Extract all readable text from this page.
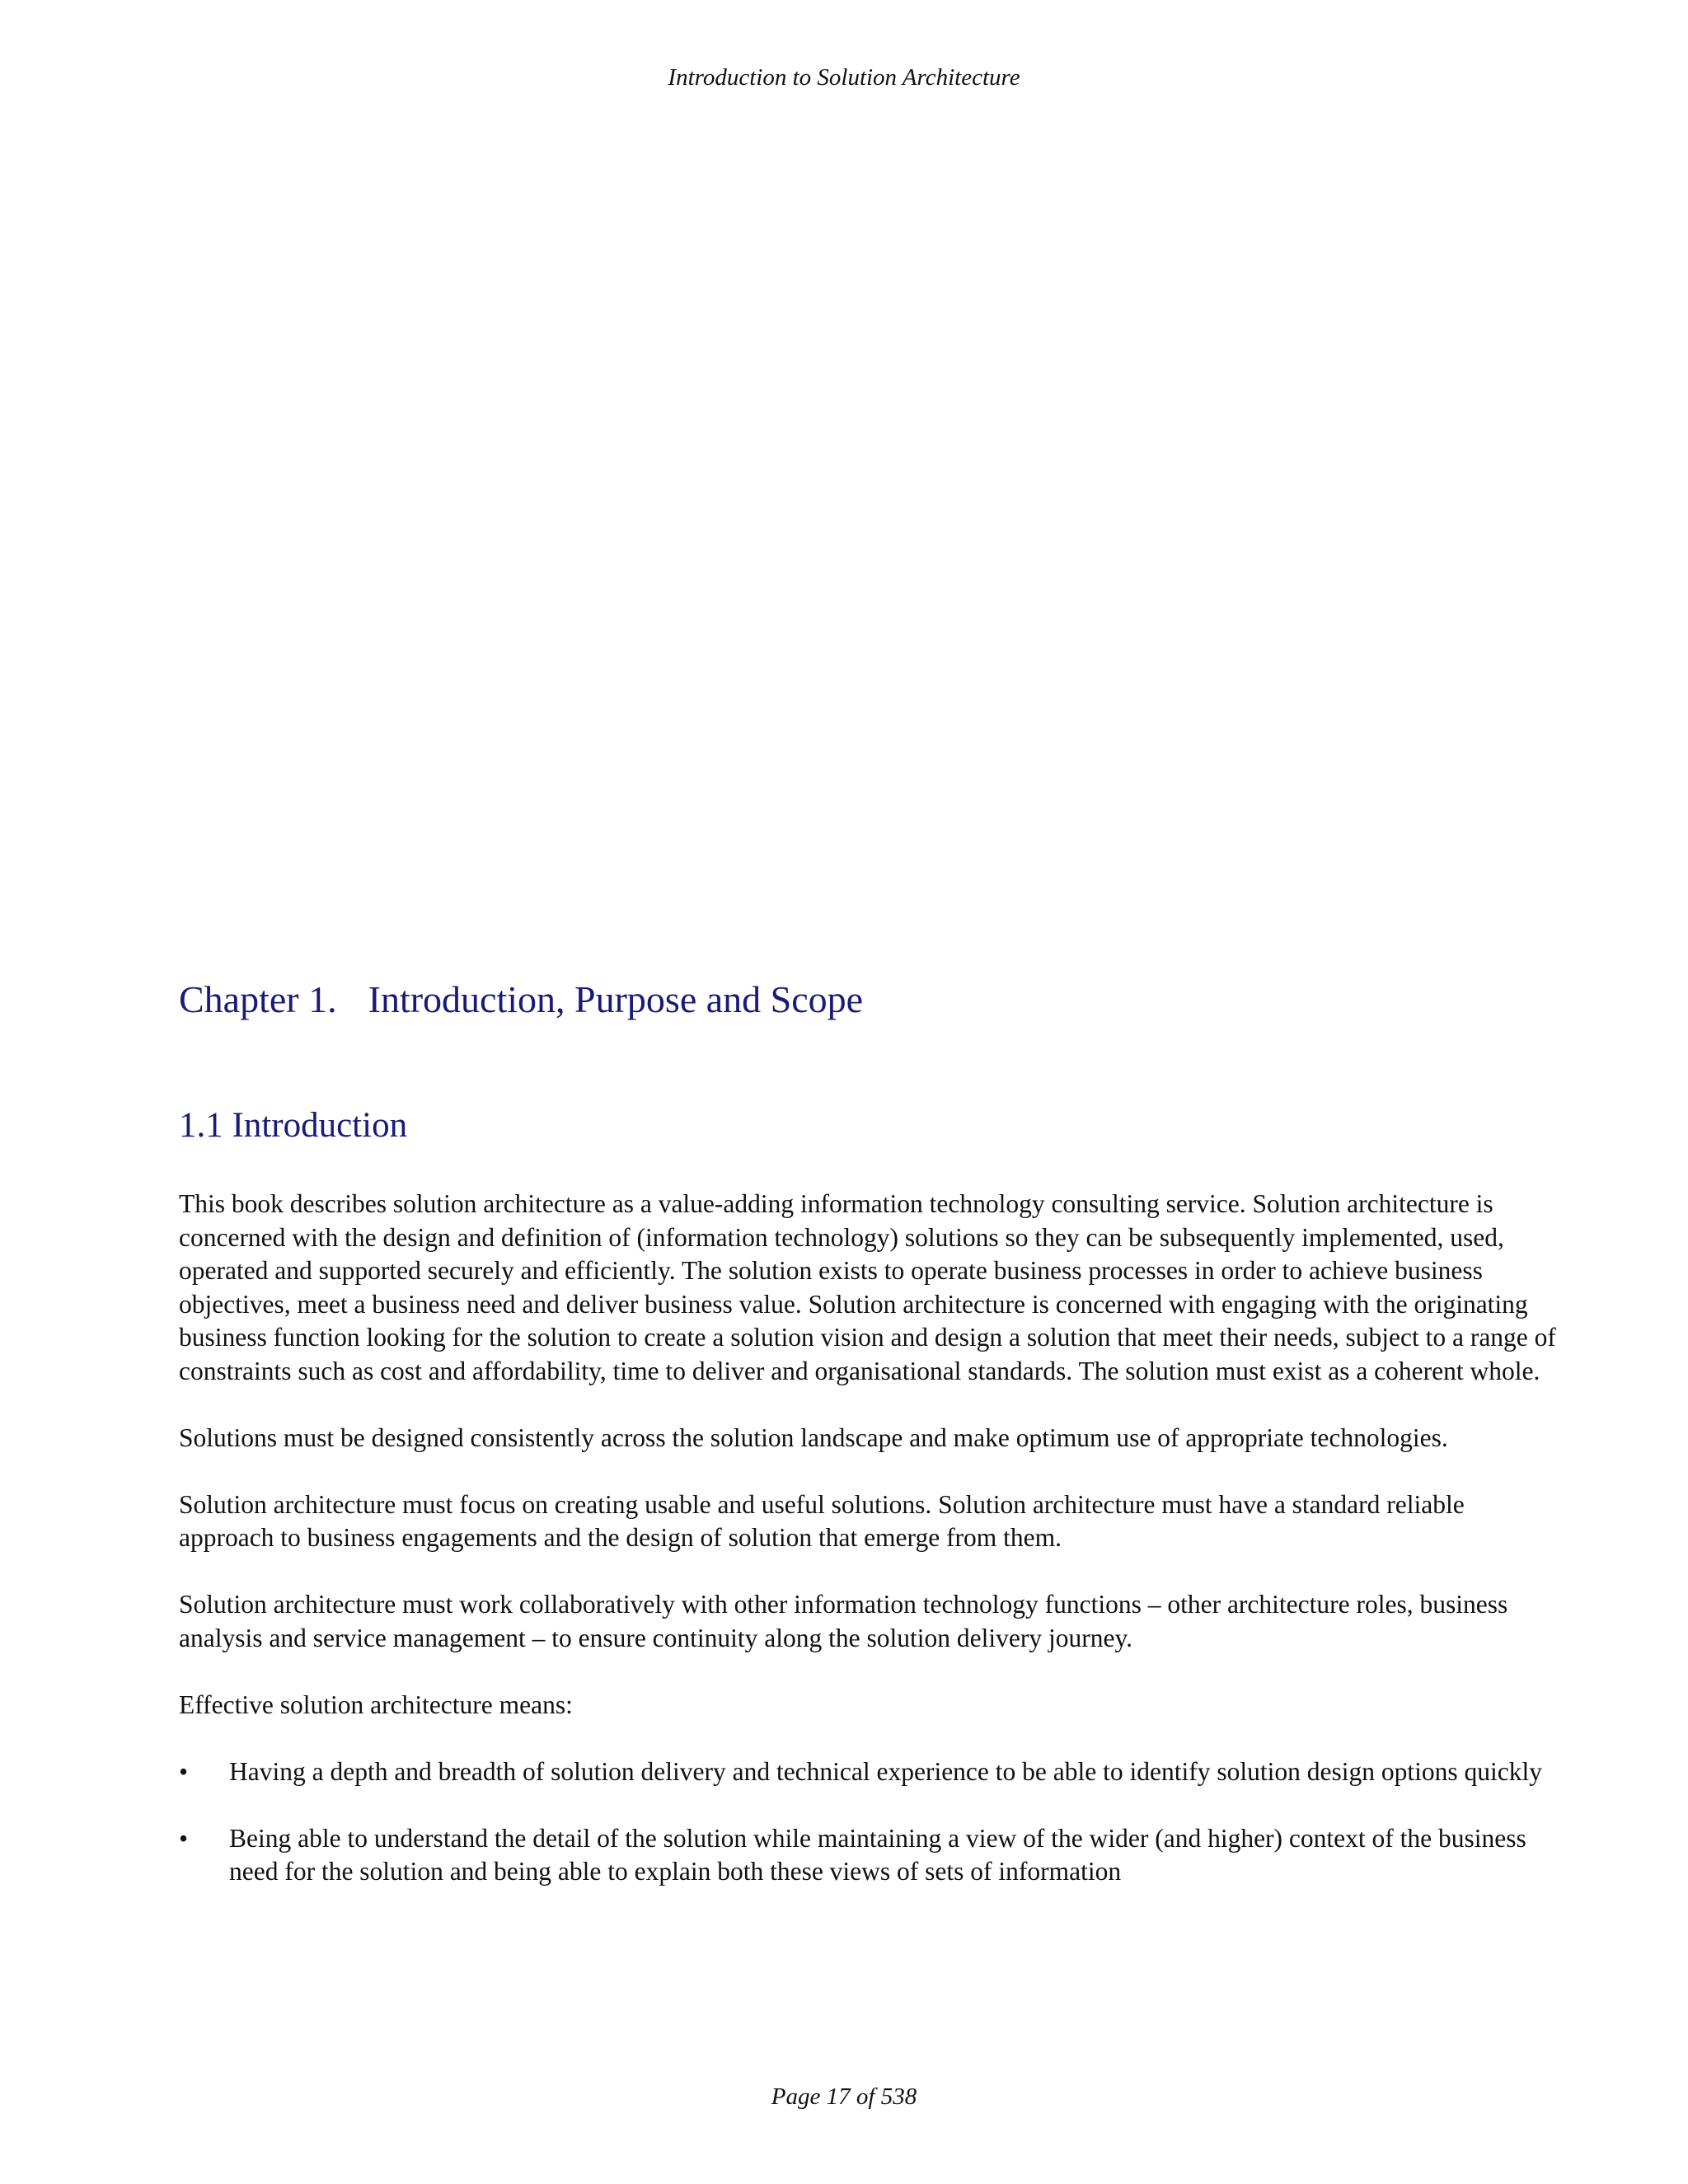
Introduction to Solution Architecture
Chapter 1. Introduction, Purpose and Scope
1.1 Introduction

This book describes solution architecture as a value-adding information technology consulting service. Solution architecture is concerned with the design and definition of (information technology) solutions so they can be subsequently implemented, used, operated and supported securely and efficiently. The solution exists to operate business processes in order to achieve business objectives, meet a business need and deliver business value. Solution architecture is concerned with engaging with the originating business function looking for the solution to create a solution vision and design a solution that meet their needs, subject to a range of constraints such as cost and affordability, time to deliver and organisational standards. The solution must exist as a coherent whole.

Solutions must be designed consistently across the solution landscape and make optimum use of appropriate technologies.

Solution architecture must focus on creating usable and useful solutions. Solution architecture must have a standard reliable approach to business engagements and the design of solution that emerge from them.

Solution architecture must work collaboratively with other information technology functions – other architecture roles, business analysis and service management – to ensure continuity along the solution delivery journey.

Effective solution architecture means:

•	Having a depth and breadth of solution delivery and technical experience to be able to identify solution design options quickly
•	Being able to understand the detail of the solution while maintaining a view of the wider (and higher) context of the business need for the solution and being able to explain both these views of sets of information
Page 17 of 538
